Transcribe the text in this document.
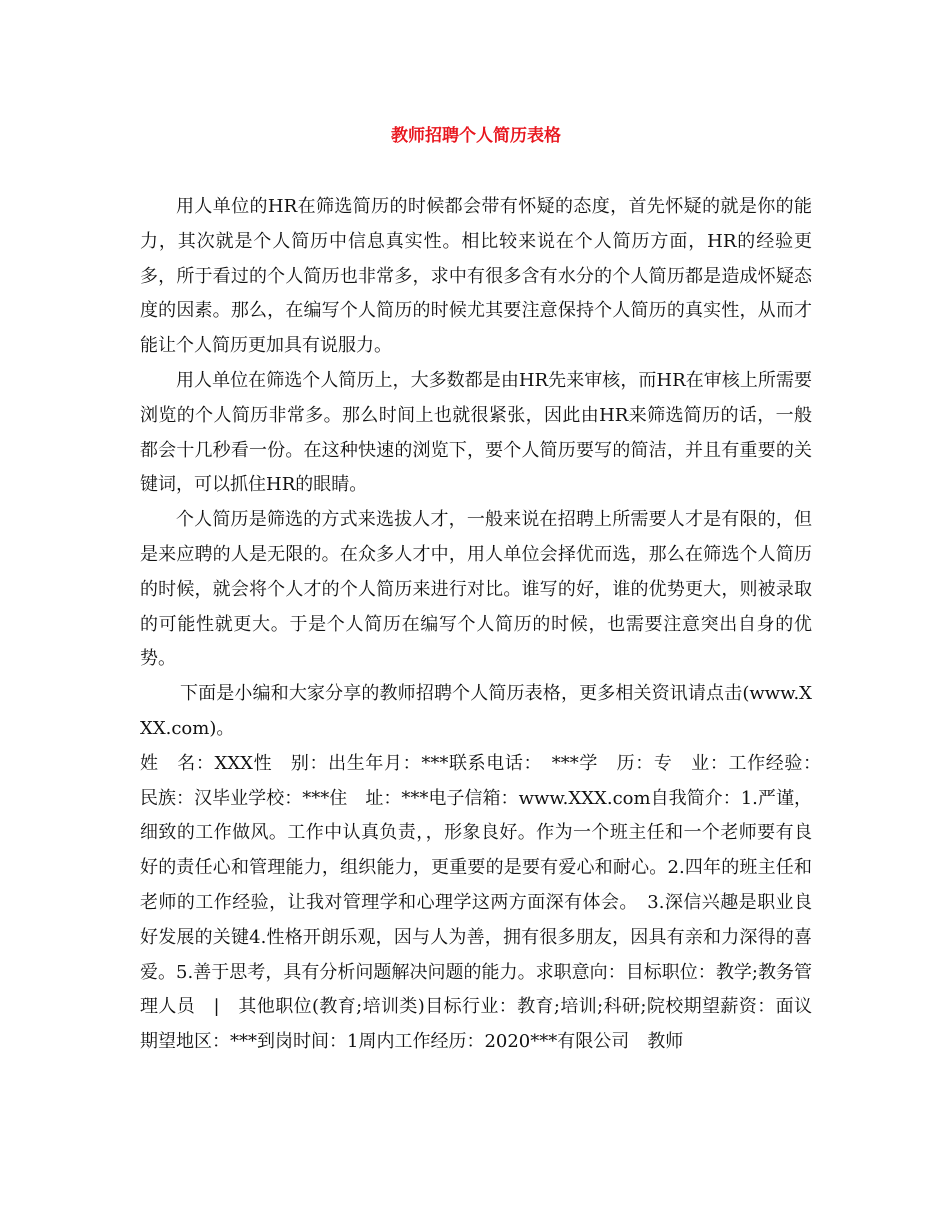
教师招聘个人简历表格

用人单位的HR在筛选简历的时候都会带有怀疑的态度，首先怀疑的就是你的能力，其次就是个人简历中信息真实性。相比较来说在个人简历方面，HR的经验更多，所于看过的个人简历也非常多，求中有很多含有水分的个人简历都是造成怀疑态度的因素。那么，在编写个人简历的时候尤其要注意保持个人简历的真实性，从而才能让个人简历更加具有说服力。

用人单位在筛选个人简历上，大多数都是由HR先来审核，而HR在审核上所需要浏览的个人简历非常多。那么时间上也就很紧张，因此由HR来筛选简历的话，一般都会十几秒看一份。在这种快速的浏览下，要个人简历要写的简洁，并且有重要的关键词，可以抓住HR的眼睛。

个人简历是筛选的方式来选拔人才，一般来说在招聘上所需要人才是有限的，但是来应聘的人是无限的。在众多人才中，用人单位会择优而选，那么在筛选个人简历的时候，就会将个人才的个人简历来进行对比。谁写的好，谁的优势更大，则被录取的可能性就更大。于是个人简历在编写个人简历的时候，也需要注意突出自身的优势。

下面是小编和大家分享的教师招聘个人简历表格，更多相关资讯请点击(www.XXX.com)。

姓　名：XXX性　别：出生年月：***联系电话：　***学　历：专　业：工作经验：　民族：汉毕业学校：***住　址：***电子信箱：www.XXX.com自我简介：1.严谨，细致的工作做风。工作中认真负责，，形象良好。作为一个班主任和一个老师要有良好的责任心和管理能力，组织能力，更重要的是要有爱心和耐心。2.四年的班主任和老师的工作经验，让我对管理学和心理学这两方面深有体会。　3.深信兴趣是职业良好发展的关键4.性格开朗乐观，因与人为善，拥有很多朋友，因具有亲和力深得的喜爱。5.善于思考，具有分析问题解决问题的能力。求职意向：目标职位：教学;教务管理人员　|　其他职位(教育;培训类)目标行业：教育;培训;科研;院校期望薪资：面议期望地区：***到岗时间：1周内工作经历：2020***有限公司　教师
